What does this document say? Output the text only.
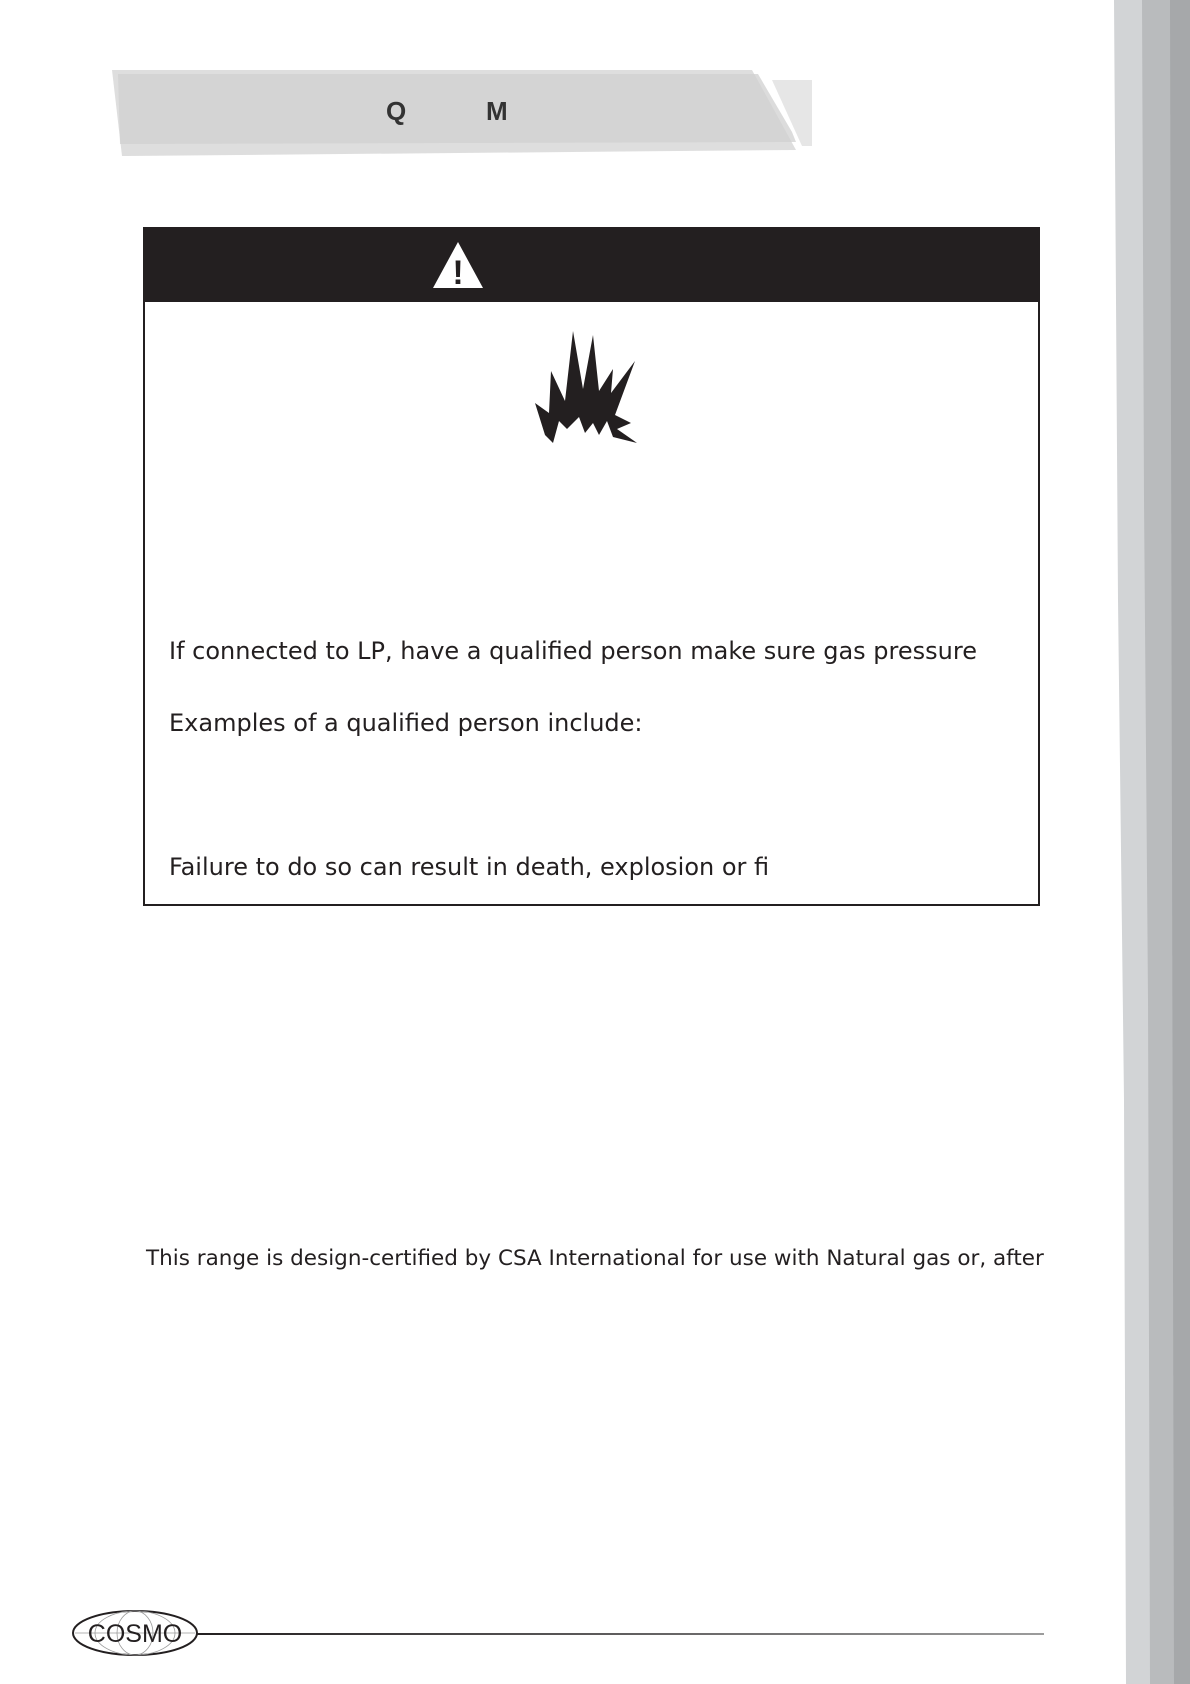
Q	M
!
If connected to LP, have a qualified person make sure gas pressure
Examples of a qualified person include:
Failure to do so can result in death, explosion or fi
This range is design-certified by CSA International for use with Natural gas or, after
COSMO
